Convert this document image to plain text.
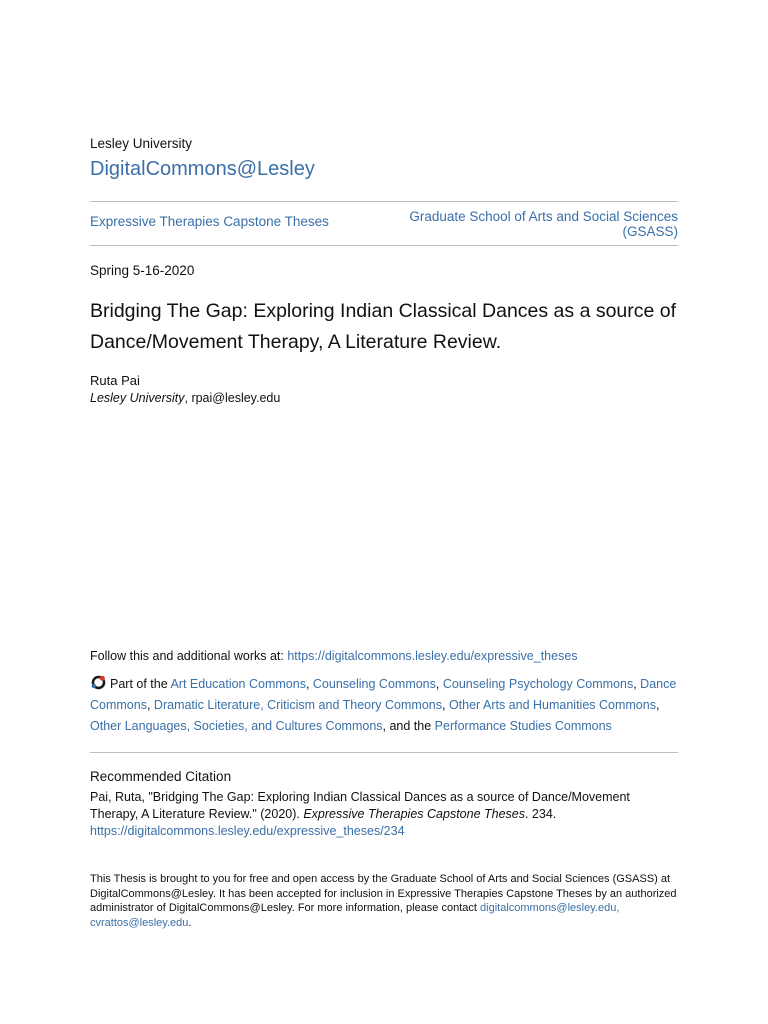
Lesley University
DigitalCommons@Lesley
Expressive Therapies Capstone Theses	Graduate School of Arts and Social Sciences
(GSASS)
Spring 5-16-2020
Bridging The Gap: Exploring Indian Classical Dances as a source of Dance/Movement Therapy, A Literature Review.
Ruta Pai
Lesley University, rpai@lesley.edu
Follow this and additional works at: https://digitalcommons.lesley.edu/expressive_theses
Part of the Art Education Commons, Counseling Commons, Counseling Psychology Commons, Dance Commons, Dramatic Literature, Criticism and Theory Commons, Other Arts and Humanities Commons, Other Languages, Societies, and Cultures Commons, and the Performance Studies Commons
Recommended Citation
Pai, Ruta, "Bridging The Gap: Exploring Indian Classical Dances as a source of Dance/Movement Therapy, A Literature Review." (2020). Expressive Therapies Capstone Theses. 234.
https://digitalcommons.lesley.edu/expressive_theses/234
This Thesis is brought to you for free and open access by the Graduate School of Arts and Social Sciences (GSASS) at DigitalCommons@Lesley. It has been accepted for inclusion in Expressive Therapies Capstone Theses by an authorized administrator of DigitalCommons@Lesley. For more information, please contact digitalcommons@lesley.edu, cvrattos@lesley.edu.
